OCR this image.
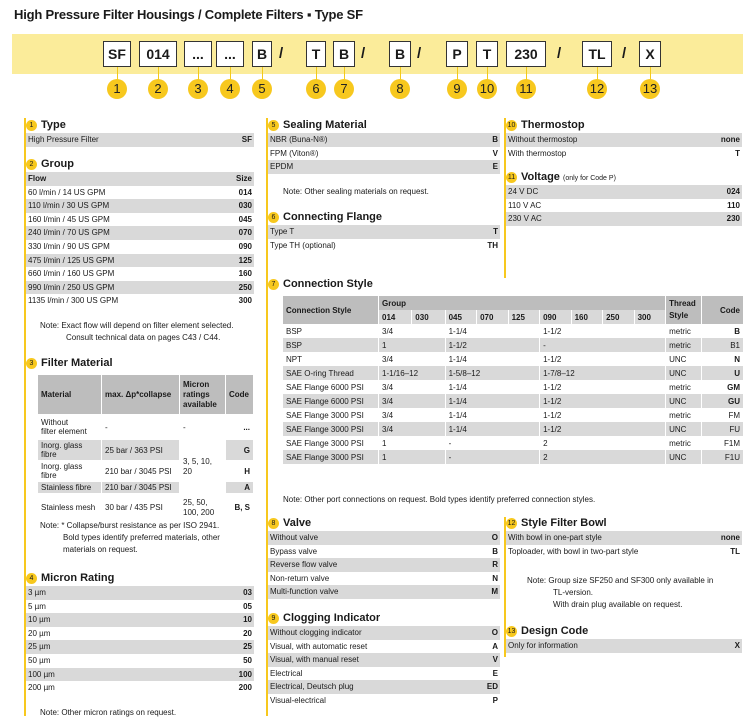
High Pressure Filter Housings / Complete Filters ▪ Type SF
1
SF
2
014
3
...
4
...
5
B /
6
T
7
B /
8
B /
9
P
10
T
11
230	/
12
TL	/
13
X
1 Type
High Pressure Filter	SF
2 Group
Flow	Size
60 l/min / 14 US GPM	014
110 l/min / 30 US GPM	030
160 l/min / 45 US GPM	045
240 l/min / 70 US GPM	070
330 l/min / 90 US GPM	090
475 l/min / 125 US GPM	125
660 l/min / 160 US GPM	160
990 l/min / 250 US GPM	250
1135 l/min / 300 US GPM	300
Note: Exact flow will depend on filter element selected.
Consult technical data on pages C43 / C44.
3 Filter Material
Material	max. Δp*collapse	Micron
ratings
available	Code
Without
filter element	-	-	...
Inorg. glass fibre	25 bar / 363 PSI	3, 5, 10,
20	G
Inorg. glass fibre	210 bar / 3045 PSI		H
Stainless fibre	210 bar / 3045 PSI		A
Stainless mesh	30 bar / 435 PSI	25, 50,
100, 200	B, S
Note: * Collapse/burst resistance as per ISO 2941.
Bold types identify preferred materials, other
materials on request.
4 Micron Rating
3 µm	03
5 µm	05
10 µm	10
20 µm	20
25 µm	25
50 µm	50
100 µm	100
200 µm	200
Note: Other micron ratings on request.
5 Sealing Material
NBR (Buna-N®)	B
FPM (Viton®)	V
EPDM	E
Note: Other sealing materials on request.
6 Connecting Flange
Type T	T
Type TH (optional)	TH
7 Connection Style
Connection Style	Group									Thread
Style	Code
	014	030	045	070	125	090	160	250	300		
BSP	3/4		1-1/4			1-1/2				metric	B
BSP	1		1-1/2			-				metric	B1
NPT	3/4		1-1/4			1-1/2				UNC	N
SAE O-ring Thread	1-1/16–12		1-5/8–12			1-7/8–12				UNC	U
SAE Flange 6000 PSI	3/4		1-1/4			1-1/2				metric	GM
SAE Flange 6000 PSI	3/4		1-1/4			1-1/2				UNC	GU
SAE Flange 3000 PSI	3/4		1-1/4			1-1/2				metric	FM
SAE Flange 3000 PSI	3/4		1-1/4			1-1/2				UNC	FU
SAE Flange 3000 PSI	1		-			2				metric	F1M
SAE Flange 3000 PSI	1		-			2				UNC	F1U
Note: Other port connections on request. Bold types identify preferred connection styles.
8 Valve
Without valve	O
Bypass valve	B
Reverse flow valve	R
Non-return valve	N
Multi-function valve	M
9 Clogging Indicator
Without clogging indicator	O
Visual, with automatic reset	A
Visual, with manual reset	V
Electrical	E
Electrical, Deutsch plug	ED
Visual-electrical	P
10 Thermostop
Without thermostop	none
With thermostop	T
11 Voltage (only for Code P)
24 V DC	024
110 V AC	110
230 V AC	230
12 Style Filter Bowl
With bowl in one-part style	none
Toploader, with bowl in two-part style	TL
Note: Group size SF250 and SF300 only available in
TL-version.
With drain plug available on request.
13 Design Code
Only for information	X
